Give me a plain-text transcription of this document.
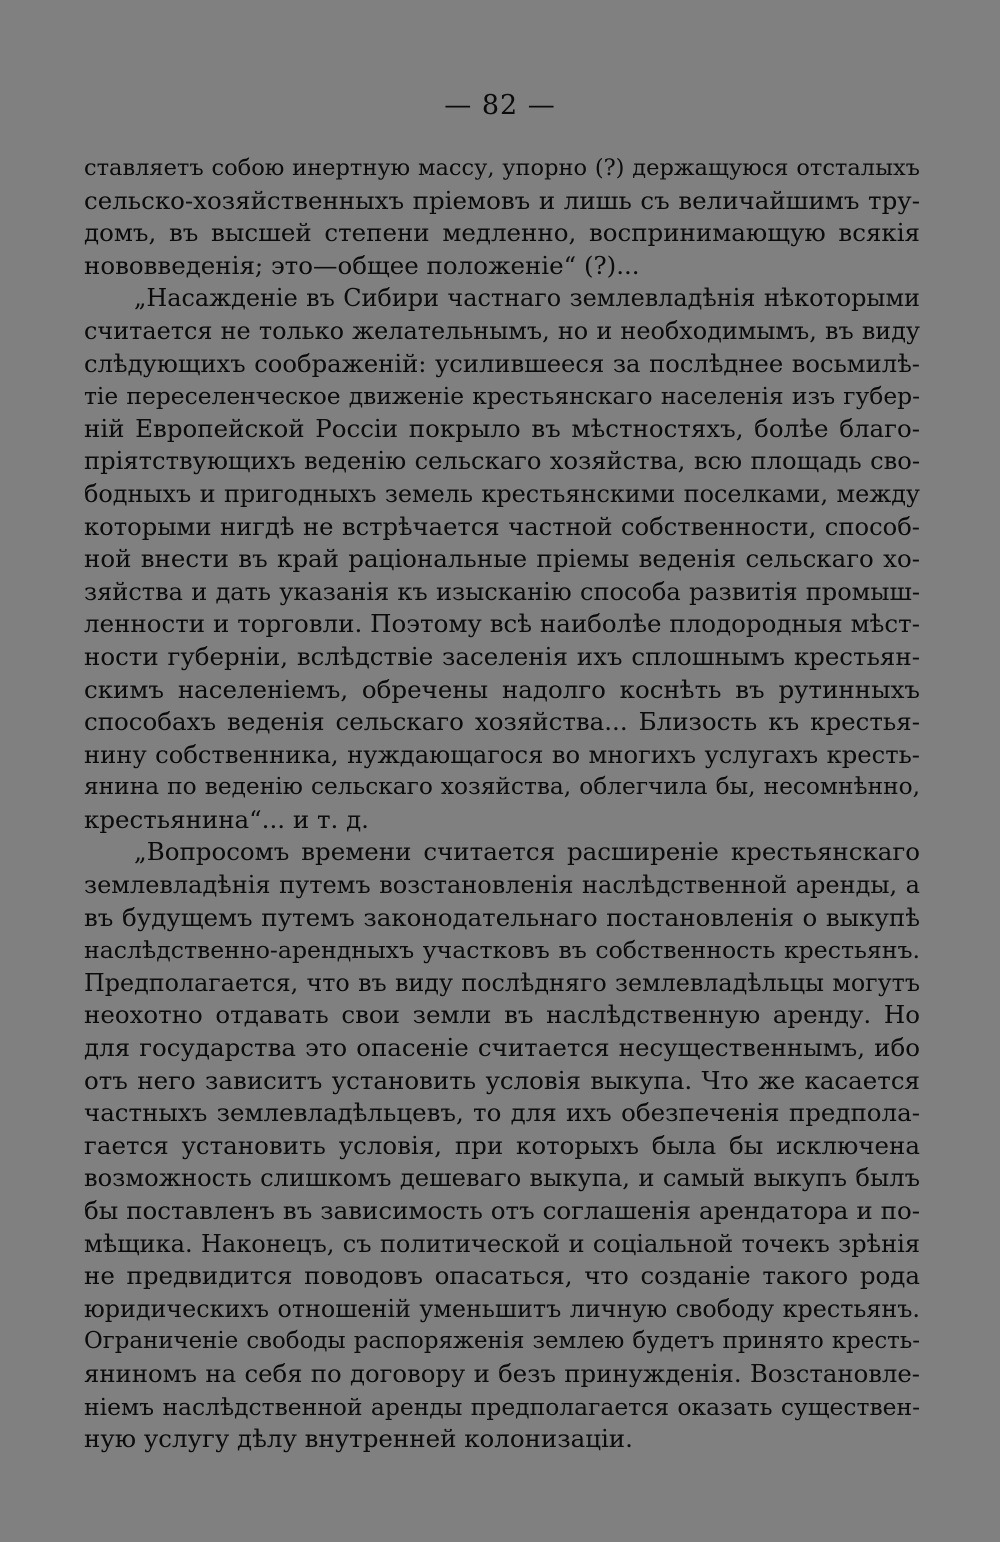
— 82 —
ставляетъ собою инертную массу, упорно (?) держащуюся отсталыхъ
сельско-хозяйственныхъ пріемовъ и лишь съ величайшимъ тру-
домъ, въ высшей степени медленно, воспринимающую всякія
нововведенія; это—общее положеніе“ (?)...
„Насажденіе въ Сибири частнаго землевладѣнія нѣкоторыми
считается не только желательнымъ, но и необходимымъ, въ виду
слѣдующихъ соображеній: усилившееся за послѣднее восьмилѣ-
тіе переселенческое движеніе крестьянскаго населенія изъ губер-
ній Европейской Россіи покрыло въ мѣстностяхъ, болѣе благо-
пріятствующихъ веденію сельскаго хозяйства, всю площадь сво-
бодныхъ и пригодныхъ земель крестьянскими поселками, между
которыми нигдѣ не встрѣчается частной собственности, способ-
ной внести въ край раціональные пріемы веденія сельскаго хо-
зяйства и дать указанія къ изысканію способа развитія промыш-
ленности и торговли. Поэтому всѣ наиболѣе плодородныя мѣст-
ности губерніи, вслѣдствіе заселенія ихъ сплошнымъ крестьян-
скимъ населеніемъ, обречены надолго коснѣть въ рутинныхъ
способахъ веденія сельскаго хозяйства... Близость къ крестья-
нину собственника, нуждающагося во многихъ услугахъ кресть-
янина по веденію сельскаго хозяйства, облегчила бы, несомнѣнно,
крестьянина“... и т. д.
„Вопросомъ времени считается расширеніе крестьянскаго
землевладѣнія путемъ возстановленія наслѣдственной аренды, а
въ будущемъ путемъ законодательнаго постановленія о выкупѣ
наслѣдственно-арендныхъ участковъ въ собственность крестьянъ.
Предполагается, что въ виду послѣдняго землевладѣльцы могутъ
неохотно отдавать свои земли въ наслѣдственную аренду. Но
для государства это опасеніе считается несущественнымъ, ибо
отъ него зависитъ установить условія выкупа. Что же касается
частныхъ землевладѣльцевъ, то для ихъ обезпеченія предпола-
гается установить условія, при которыхъ была бы исключена
возможность слишкомъ дешеваго выкупа, и самый выкупъ былъ
бы поставленъ въ зависимость отъ соглашенія арендатора и по-
мѣщика. Наконецъ, съ политической и соціальной точекъ зрѣнія
не предвидится поводовъ опасаться, что созданіе такого рода
юридическихъ отношеній уменьшитъ личную свободу крестьянъ.
Ограниченіе свободы распоряженія землею будетъ принято кресть-
яниномъ на себя по договору и безъ принужденія. Возстановле-
ніемъ наслѣдственной аренды предполагается оказать существен-
ную услугу дѣлу внутренней колонизаціи.
